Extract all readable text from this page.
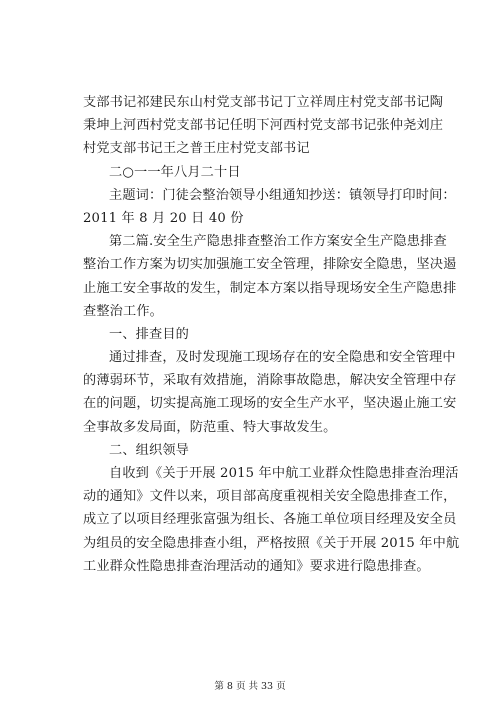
支部书记祁建民东山村党支部书记丁立祥周庄村党支部书记陶
秉坤上河西村党支部书记任明下河西村党支部书记张仲尧刘庄
村党支部书记王之普王庄村党支部书记
二○一一年八月二十日
主题词：门徒会整治领导小组通知抄送：镇领导打印时间：
2011 年 8 月 20 日 40 份
第二篇.安全生产隐患排查整治工作方案安全生产隐患排查
整治工作方案为切实加强施工安全管理，排除安全隐患，坚决遏
止施工安全事故的发生，制定本方案以指导现场安全生产隐患排
查整治工作。
一、排查目的
通过排查，及时发现施工现场存在的安全隐患和安全管理中
的薄弱环节，采取有效措施，消除事故隐患，解决安全管理中存
在的问题，切实提高施工现场的安全生产水平，坚决遏止施工安
全事故多发局面，防范重、特大事故发生。
二、组织领导
自收到《关于开展 2015 年中航工业群众性隐患排查治理活
动的通知》文件以来，项目部高度重视相关安全隐患排查工作，
成立了以项目经理张富强为组长、各施工单位项目经理及安全员
为组员的安全隐患排查小组，严格按照《关于开展 2015 年中航
工业群众性隐患排查治理活动的通知》要求进行隐患排查。
第 8 页 共 33 页
